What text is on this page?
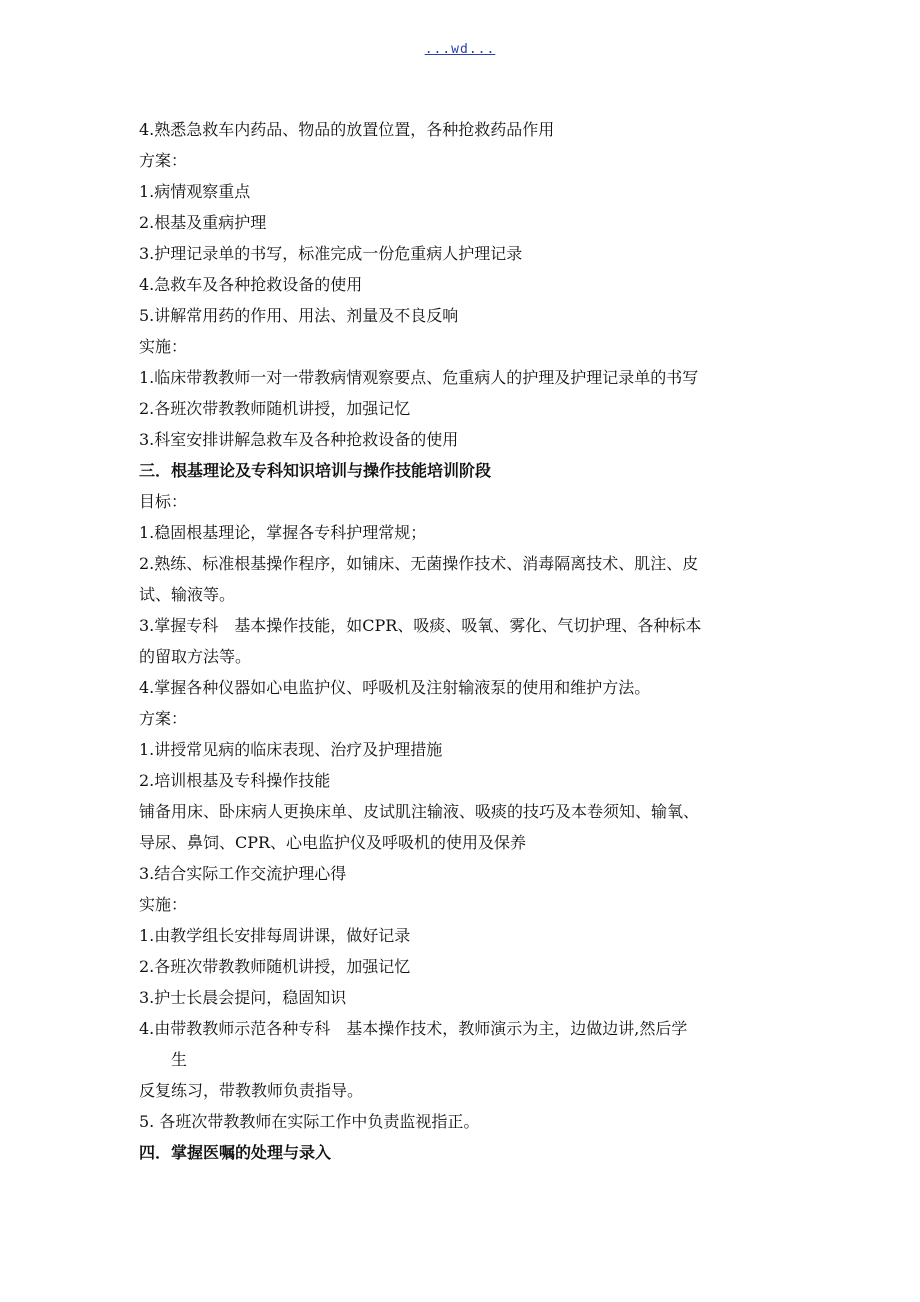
...wd...
4.熟悉急救车内药品、物品的放置位置，各种抢救药品作用
方案：
1.病情观察重点
2.根基及重病护理
3.护理记录单的书写，标准完成一份危重病人护理记录
4.急救车及各种抢救设备的使用
5.讲解常用药的作用、用法、剂量及不良反响
实施：
1.临床带教教师一对一带教病情观察要点、危重病人的护理及护理记录单的书写
2.各班次带教教师随机讲授，加强记忆
3.科室安排讲解急救车及各种抢救设备的使用
三．根基理论及专科知识培训与操作技能培训阶段
目标：
1.稳固根基理论，掌握各专科护理常规；
2.熟练、标准根基操作程序，如铺床、无菌操作技术、消毒隔离技术、肌注、皮
试、输液等。
3.掌握专科　基本操作技能，如CPR、吸痰、吸氧、雾化、气切护理、各种标本
的留取方法等。
4.掌握各种仪器如心电监护仪、呼吸机及注射输液泵的使用和维护方法。
方案：
1.讲授常见病的临床表现、治疗及护理措施
2.培训根基及专科操作技能
铺备用床、卧床病人更换床单、皮试肌注输液、吸痰的技巧及本卷须知、输氧、
导尿、鼻饲、CPR、心电监护仪及呼吸机的使用及保养
3.结合实际工作交流护理心得
实施：
1.由教学组长安排每周讲课，做好记录
2.各班次带教教师随机讲授，加强记忆
3.护士长晨会提问，稳固知识
4.由带教教师示范各种专科　基本操作技术，教师演示为主，边做边讲,然后学
生
反复练习，带教教师负责指导。
5. 各班次带教教师在实际工作中负责监视指正。
四．掌握医嘱的处理与录入
